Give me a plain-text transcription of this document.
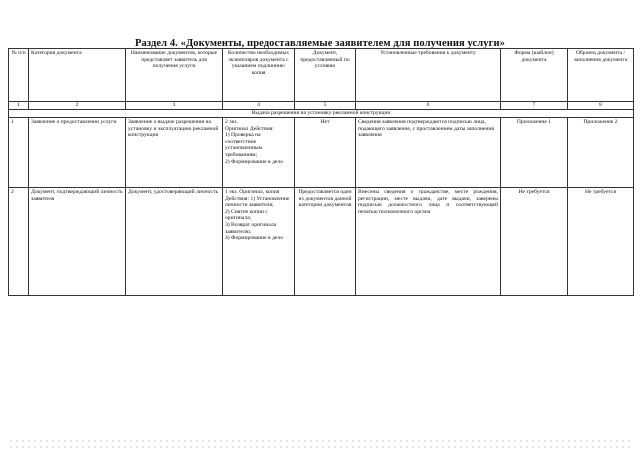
Раздел 4. «Документы, предоставляемые заявителем для получения услуги»
№ п/п	Категория документа	Наименование документов, которые представляет заявитель для получения услуги	Количество необходимых экземпляров документа с указанием подлинник/копия	Документ, предоставляемый по условию	Установленные требования к документу	Форма (шаблон) документа	Образец документа /заполнения документа
1	2	3	4	5	6	7	8
Выдача разрешения на установку рекламной конструкции							
1	Заявление о предоставлении услуги	Заявление о выдаче разрешения на установку и эксплуатацию рекламной конструкции	2 экз.
Оригинал Действия:
1) Проверка на соответствие установленным требованиям;
2) Формирование в дело	Нет	Сведения заявления подтверждаются подписью лица, подающего заявление, с проставлением даты заполнения заявления	Приложение 1	Приложение 2
2	Документ, подтверждающий личность заявителя	Документ, удостоверяющий личность	1 экз. Оригинал, копия
Действия: 1) Установление личности заявителя;
2) Снятие копии с оригинала;
3) Возврат оригинала заявителю;
4) Формирование в дело	Предоставляется один из документов данной категории документов	Внесены сведения о гражданстве, месте рождения, регистрации, месте выдачи, дате выдачи, заверены подписью должностного лица и соответствующей печатью полномочного органа	Не требуется	Не требуется
